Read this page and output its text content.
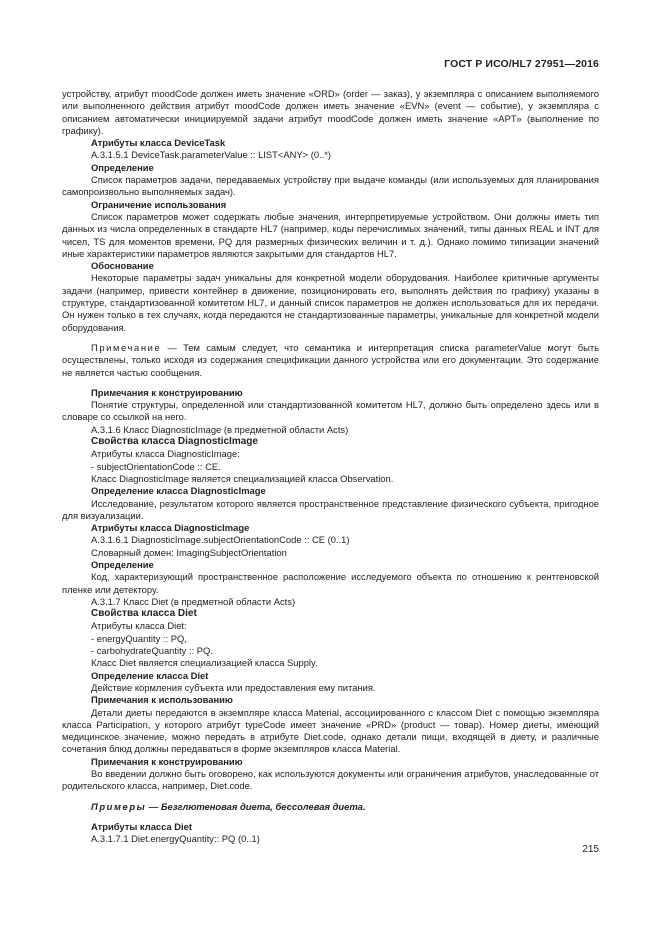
ГОСТ Р ИСО/HL7 27951—2016

устройству, атрибут moodCode должен иметь значение «ORD» (order — заказ), у экземпляра с описанием выполняемого или выполненного действия атрибут moodCode должен иметь значение «EVN» (event — событие), у экземпляра с описанием автоматически инициируемой задачи атрибут moodCode должен иметь значение «APT» (выполнение по графику).

Атрибуты класса DeviceTask

A.3.1.5.1 DeviceTask.parameterValue :: LIST<ANY> (0..*)

Определение

Список параметров задачи, передаваемых устройству при выдаче команды (или используемых для планирования самопроизвольно выполняемых задач).

Ограничение использования

Список параметров может содержать любые значения, интерпретируемые устройством. Они должны иметь тип данных из числа определенных в стандарте HL7 (например, коды перечислимых значений, типы данных REAL и INT для чисел, TS для моментов времени, PQ для размерных физических величин и т. д.). Однако помимо типизации значений иные характеристики параметров являются закрытыми для стандартов HL7.

Обоснование

Некоторые параметры задач уникальны для конкретной модели оборудования. Наиболее критичные аргументы задачи (например, привести контейнер в движение, позиционировать его, выполнять действия по графику) указаны в структуре, стандартизованной комитетом HL7, и данный список параметров не должен использоваться для их передачи. Он нужен только в тех случаях, когда передаются не стандартизованные параметры, уникальные для конкретной модели оборудования.

Примечание — Тем самым следует, что семантика и интерпретация списка parameterValue могут быть осуществлены, только исходя из содержания спецификации данного устройства или его документации. Это содержание не является частью сообщения.

Примечания к конструированию

Понятие структуры, определенной или стандартизованной комитетом HL7, должно быть определено здесь или в словаре со ссылкой на него.

A.3.1.6 Класс DiagnosticImage (в предметной области Acts)

Свойства класса DiagnosticImage

Атрибуты класса DiagnosticImage:

- subjectOrientationCode :: CE.

Класс DiagnosticImage является специализацией класса Observation.

Определение класса DiagnosticImage

Исследование, результатом которого является пространственное представление физического субъекта, пригодное для визуализации.

Атрибуты класса DiagnosticImage

A.3.1.6.1 DiagnosticImage.subjectOrientationCode :: CE (0..1)

Словарный домен: ImagingSubjectOrientation

Определение

Код, характеризующий пространственное расположение исследуемого объекта по отношению к рентгеновской пленке или детектору.

A.3.1.7 Класс Diet (в предметной области Acts)

Свойства класса Diet

Атрибуты класса Diet:

- energyQuantity :: PQ,

- carbohydrateQuantity :: PQ.

Класс Diet является специализацией класса Supply.

Определение класса Diet

Действие кормления субъекта или предоставления ему питания.

Примечания к использованию

Детали диеты передаются в экземпляре класса Material, ассоциированного с классом Diet с помощью экземпляра класса Participation, у которого атрибут typeCode имеет значение «PRD» (product — товар). Номер диеты, имеющий медицинское значение, можно передать в атрибуте Diet.code, однако детали пищи, входящей в диету, и различные сочетания блюд должны передаваться в форме экземпляров класса Material.

Примечания к конструированию

Во введении должно быть оговорено, как используются документы или ограничения атрибутов, унаследованные от родительского класса, например, Diet.code.

Примеры — Безглютеновая диета, бессолевая диета.

Атрибуты класса Diet

A.3.1.7.1 Diet.energyQuantity:: PQ (0..1)

215
